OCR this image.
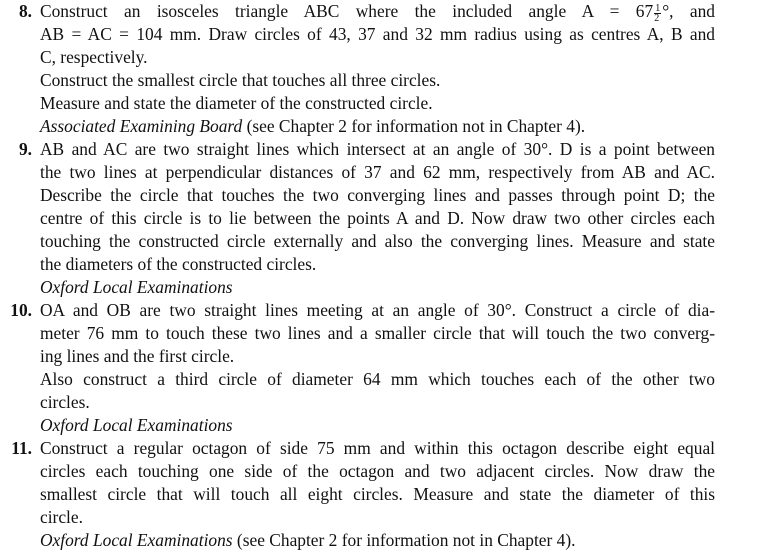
8. Construct an isosceles triangle ABC where the included angle $A = 67 \frac{1}{2}$ °, and
AB = AC = 104 mm. Draw circles of 43, 37 and 32 mm radius using as centres A, B and
C, respectively.
Construct the smallest circle that touches all three circles.
Measure and state the diameter of the constructed circle.
Associated Examining Board (see Chapter 2 for information not in Chapter 4).
9. AB and AC are two straight lines which intersect at an angle of 30°. D is a point between
the two lines at perpendicular distances of 37 and 62 mm, respectively from AB and AC.
Describe the circle that touches the two converging lines and passes through point D; the
centre of this circle is to lie between the points A and D. Now draw two other circles each
touching the constructed circle externally and also the converging lines. Measure and state
the diameters of the constructed circles.
Oxford Local Examinations
10. OA and OB are two straight lines meeting at an angle of 30°. Construct a circle of dia-
meter 76 mm to touch these two lines and a smaller circle that will touch the two converg-
ing lines and the first circle.
Also construct a third circle of diameter 64 mm which touches each of the other two
circles.
Oxford Local Examinations
11. Construct a regular octagon of side 75 mm and within this octagon describe eight equal
circles each touching one side of the octagon and two adjacent circles. Now draw the
smallest circle that will touch all eight circles. Measure and state the diameter of this
circle.
Oxford Local Examinations (see Chapter 2 for information not in Chapter 4).
